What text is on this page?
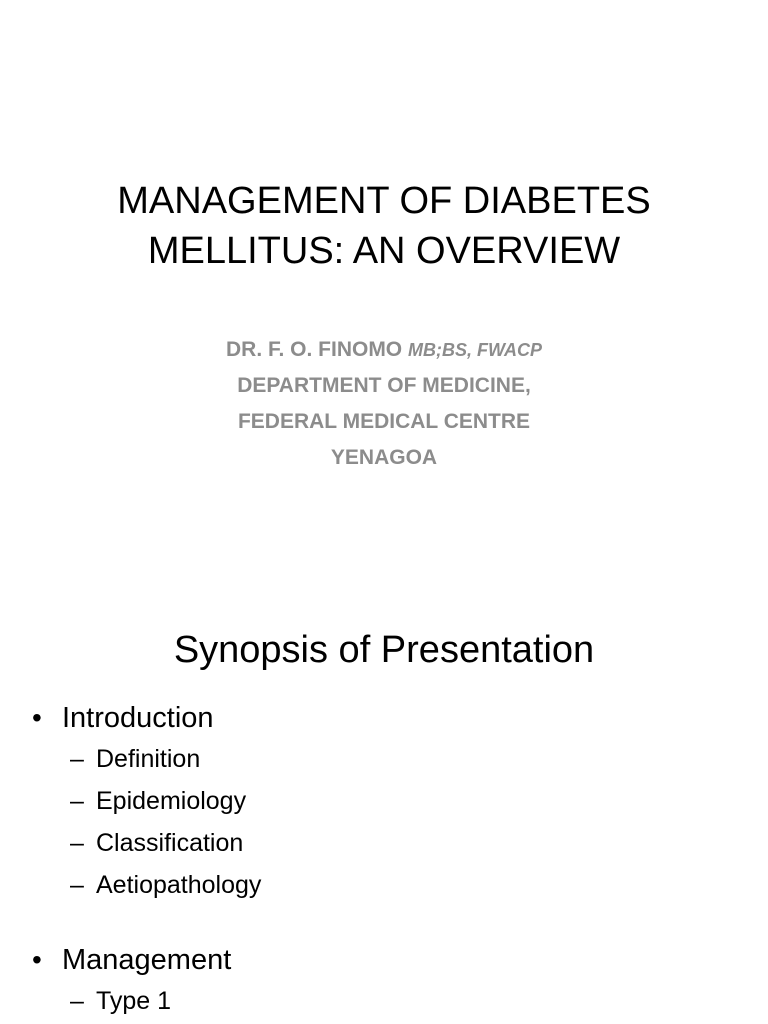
MANAGEMENT OF DIABETES
MELLITUS: AN OVERVIEW
DR. F. O. FINOMO MB;BS, FWACP
DEPARTMENT OF MEDICINE,
FEDERAL MEDICAL CENTRE
YENAGOA
Synopsis of Presentation
• Introduction
– Definition
– Epidemiology
– Classification
– Aetiopathology
• Management
– Type 1
